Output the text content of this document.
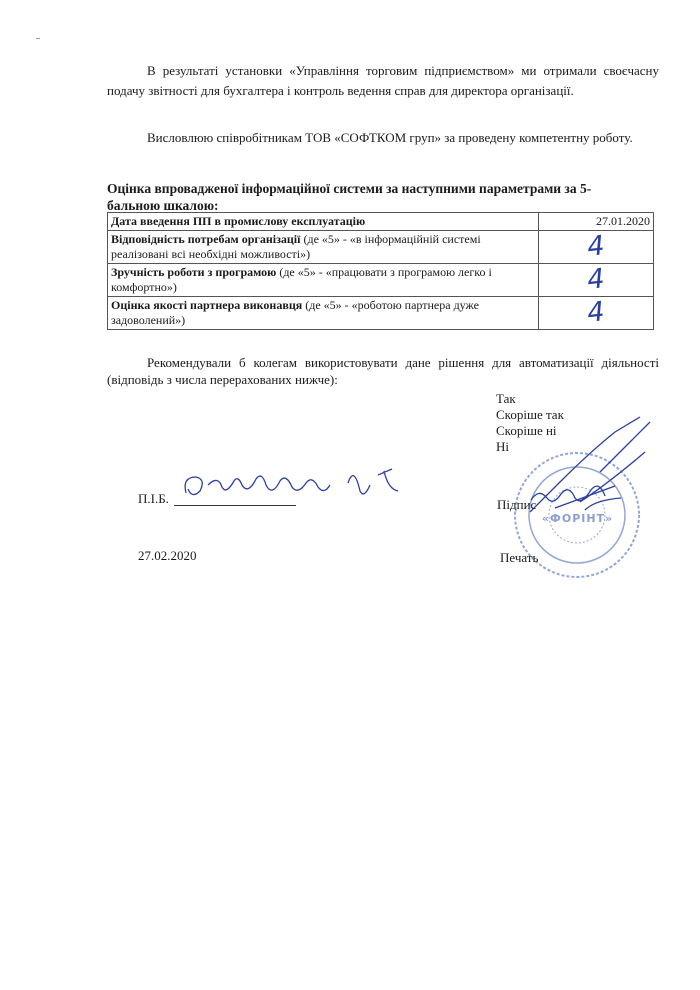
В результаті установки «Управління торговим підприємством» ми отримали своєчасну подачу звітності для бухгалтера і контроль ведення справ для директора організації.

Висловлюю співробітникам ТОВ «СОФТКОМ груп» за проведену компетентну роботу.

Оцінка впровадженої інформаційної системи за наступними параметрами за 5-бальною шкалою:

Дата введення ПП в промислову експлуатацію	27.01.2020
Відповідність потребам організації (де «5» - «в інформаційній системі реалізовані всі необхідні можливості»)	4

Зручність роботи з програмою (де «5» - «працювати з програмою легко і комфортно»)	4

Оцінка якості партнера виконавця (де «5» - «роботою партнера дуже задоволений»)	4

Рекомендували б колегам використовувати дане рішення для автоматизації діяльності (відповідь з числа перерахованих нижче):

Так
Скоріше так
Скоріше ні
Ні
П.І.Б.	Підпис
«ФОРІНТ»
27.02.2020	Печать
